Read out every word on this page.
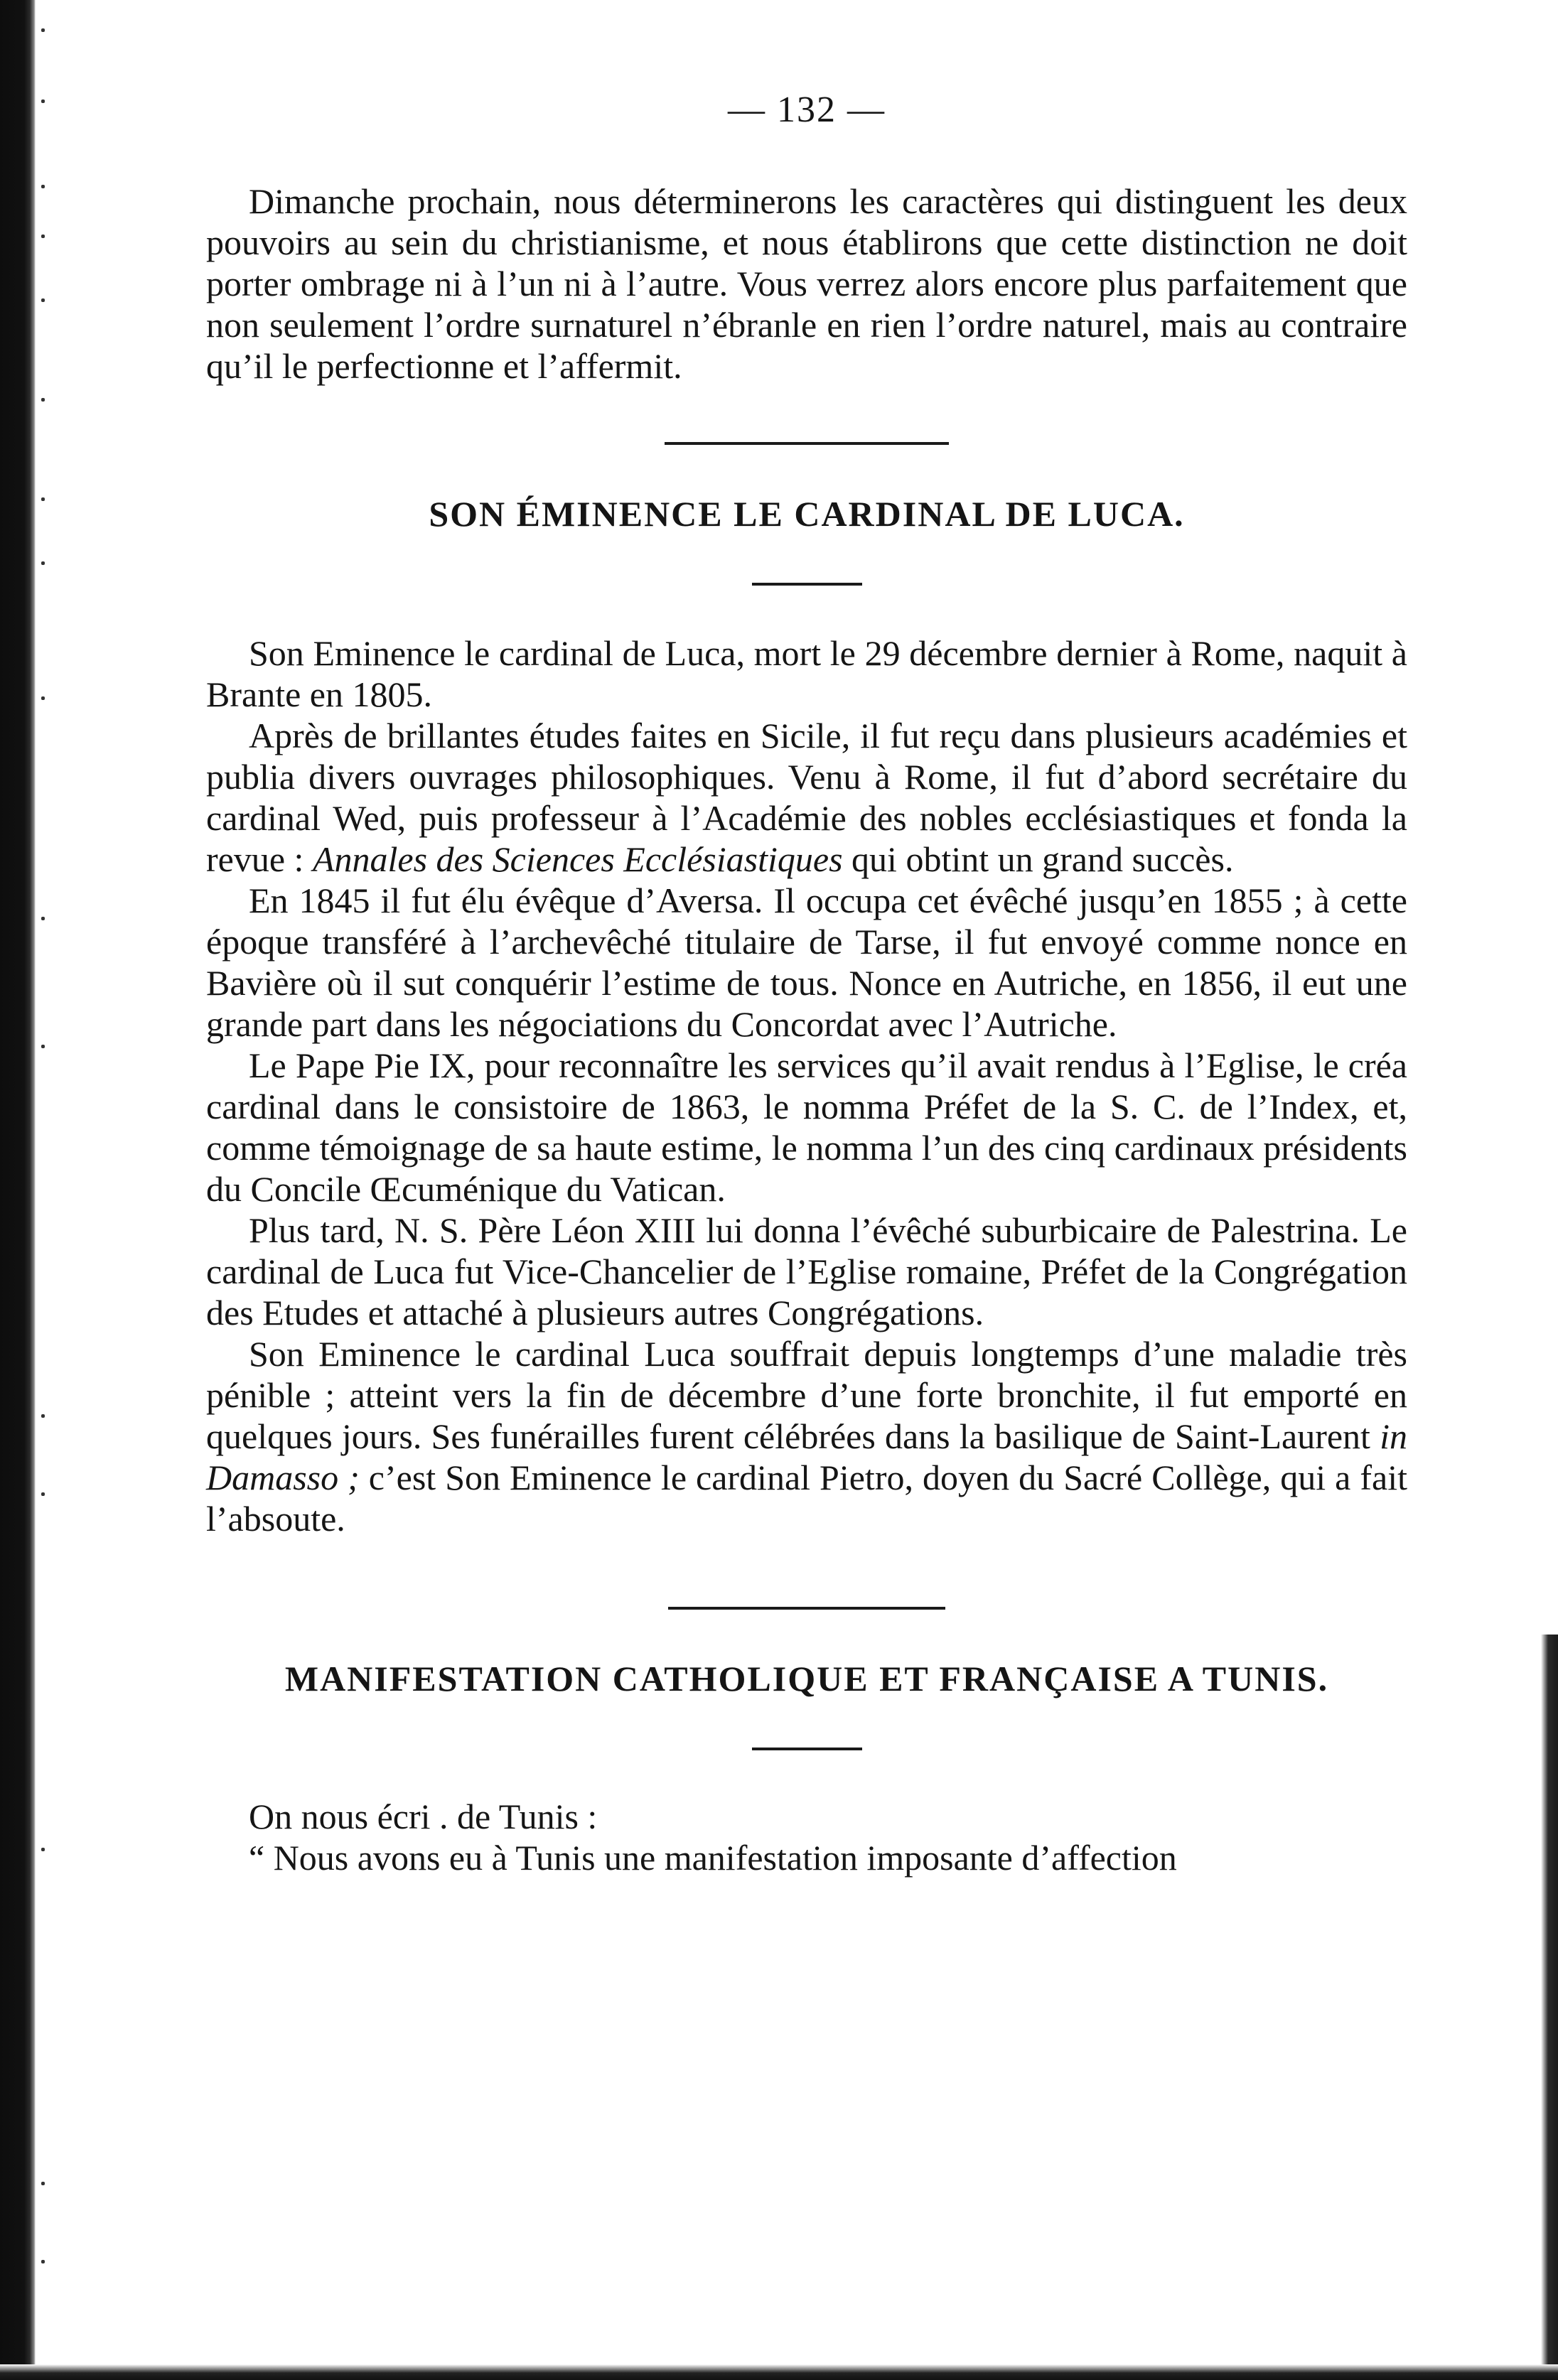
— 132 —

Dimanche prochain, nous déterminerons les caractères qui distinguent les deux pouvoirs au sein du christianisme, et nous établirons que cette distinction ne doit porter ombrage ni à l’un ni à l’autre. Vous verrez alors encore plus parfaitement que non seulement l’ordre surnaturel n’ébranle en rien l’ordre naturel, mais au contraire qu’il le perfectionne et l’affermit.

SON ÉMINENCE LE CARDINAL DE LUCA.

Son Eminence le cardinal de Luca, mort le 29 décembre dernier à Rome, naquit à Brante en 1805.

Après de brillantes études faites en Sicile, il fut reçu dans plusieurs académies et publia divers ouvrages philosophiques. Venu à Rome, il fut d’abord secrétaire du cardinal Wed, puis professeur à l’Académie des nobles ecclésiastiques et fonda la revue : Annales des Sciences Ecclésiastiques qui obtint un grand succès.

En 1845 il fut élu évêque d’Aversa. Il occupa cet évêché jusqu’en 1855 ; à cette époque transféré à l’archevêché titulaire de Tarse, il fut envoyé comme nonce en Bavière où il sut conquérir l’estime de tous. Nonce en Autriche, en 1856, il eut une grande part dans les négociations du Concordat avec l’Autriche.

Le Pape Pie IX, pour reconnaître les services qu’il avait rendus à l’Eglise, le créa cardinal dans le consistoire de 1863, le nomma Préfet de la S. C. de l’Index, et, comme témoignage de sa haute estime, le nomma l’un des cinq cardinaux présidents du Concile Œcuménique du Vatican.

Plus tard, N. S. Père Léon XIII lui donna l’évêché suburbicaire de Palestrina. Le cardinal de Luca fut Vice-Chancelier de l’Eglise romaine, Préfet de la Congrégation des Etudes et attaché à plusieurs autres Congrégations.

Son Eminence le cardinal Luca souffrait depuis longtemps d’une maladie très pénible ; atteint vers la fin de décembre d’une forte bronchite, il fut emporté en quelques jours. Ses funérailles furent célébrées dans la basilique de Saint-Laurent in Damasso ; c’est Son Eminence le cardinal Pietro, doyen du Sacré Collège, qui a fait l’absoute.

MANIFESTATION CATHOLIQUE ET FRANÇAISE A TUNIS.

On nous écri . de Tunis :

“ Nous avons eu à Tunis une manifestation imposante d’affection
